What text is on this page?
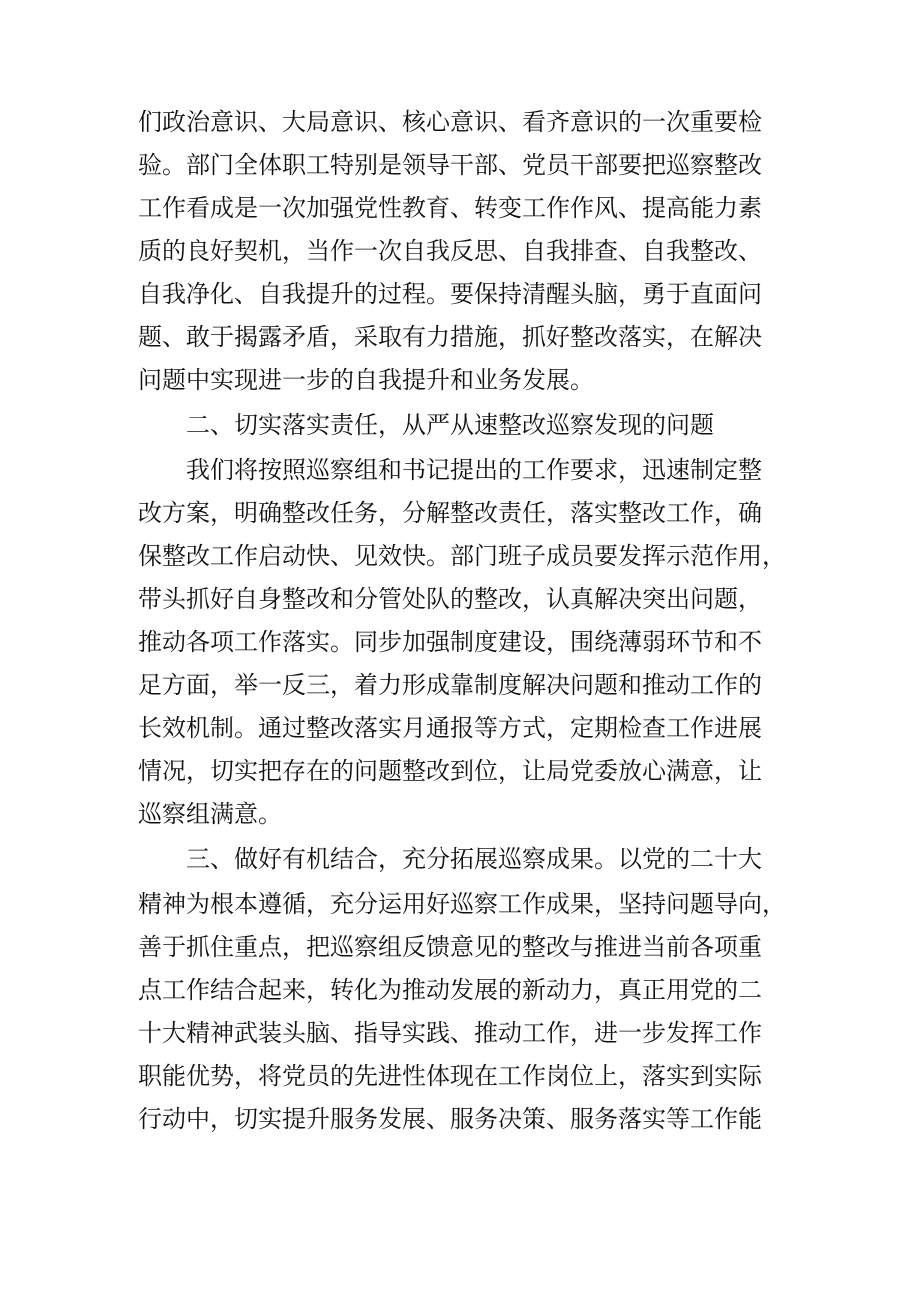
们政治意识、大局意识、核心意识、看齐意识的一次重要检
验。部门全体职工特别是领导干部、党员干部要把巡察整改
工作看成是一次加强党性教育、转变工作作风、提高能力素
质的良好契机，当作一次自我反思、自我排查、自我整改、
自我净化、自我提升的过程。要保持清醒头脑，勇于直面问
题、敢于揭露矛盾，采取有力措施，抓好整改落实，在解决
问题中实现进一步的自我提升和业务发展。
二、切实落实责任，从严从速整改巡察发现的问题
我们将按照巡察组和书记提出的工作要求，迅速制定整
改方案，明确整改任务，分解整改责任，落实整改工作，确
保整改工作启动快、见效快。部门班子成员要发挥示范作用，
带头抓好自身整改和分管处队的整改，认真解决突出问题，
推动各项工作落实。同步加强制度建设，围绕薄弱环节和不
足方面，举一反三，着力形成靠制度解决问题和推动工作的
长效机制。通过整改落实月通报等方式，定期检查工作进展
情况，切实把存在的问题整改到位，让局党委放心满意，让
巡察组满意。
三、做好有机结合，充分拓展巡察成果。以党的二十大
精神为根本遵循，充分运用好巡察工作成果，坚持问题导向，
善于抓住重点，把巡察组反馈意见的整改与推进当前各项重
点工作结合起来，转化为推动发展的新动力，真正用党的二
十大精神武装头脑、指导实践、推动工作，进一步发挥工作
职能优势，将党员的先进性体现在工作岗位上，落实到实际
行动中，切实提升服务发展、服务决策、服务落实等工作能
